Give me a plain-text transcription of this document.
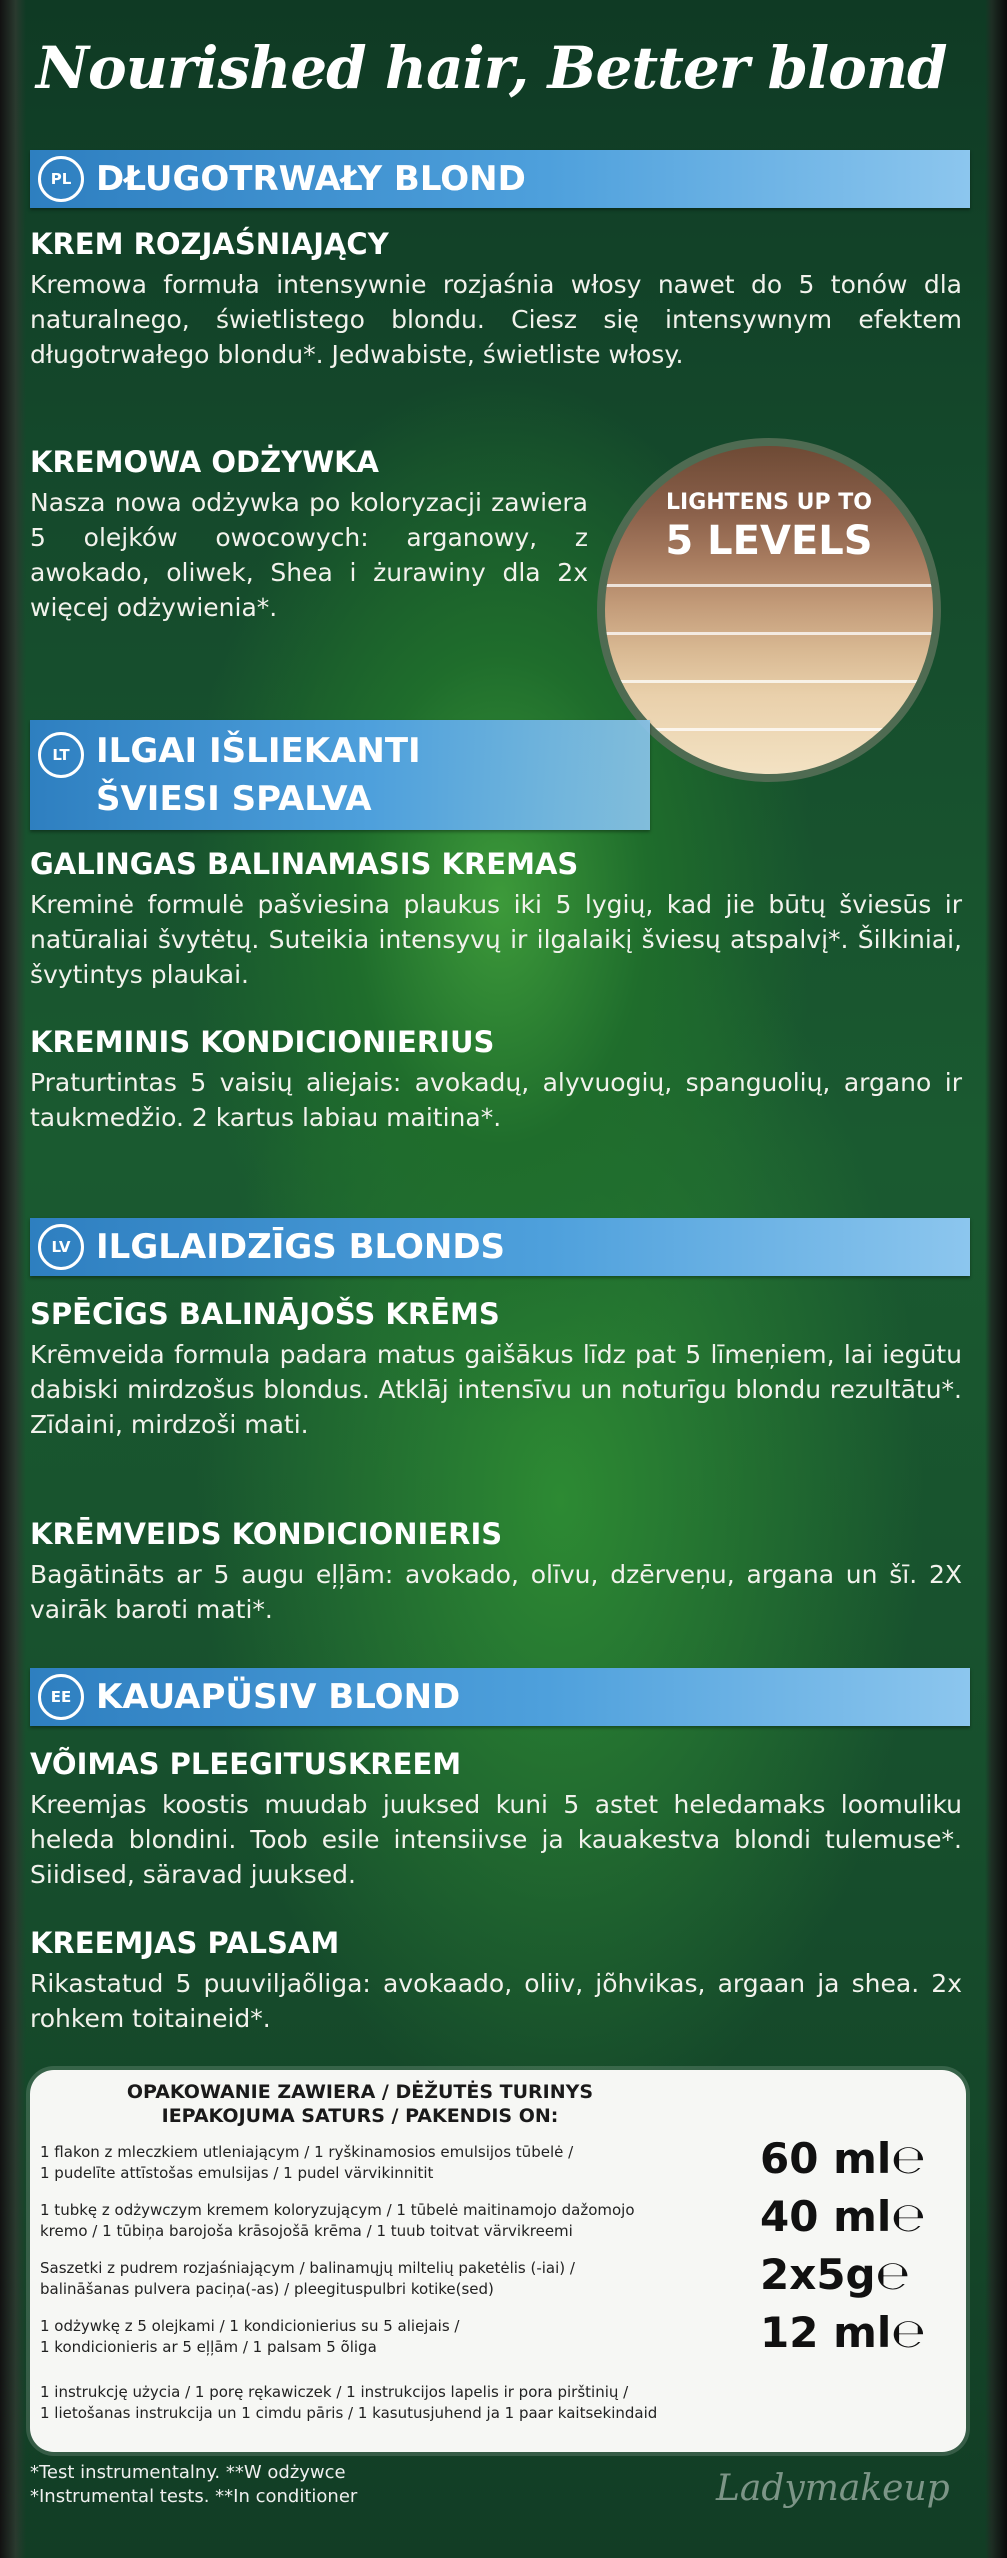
Nourished hair, Better blond
PL DŁUGOTRWAŁY BLOND
KREM ROZJAŚNIAJĄCY
Kremowa formuła intensywnie rozjaśnia włosy nawet do 5 tonów dla naturalnego, świetlistego blondu. Ciesz się intensywnym efektem długotrwałego blondu*. Jedwabiste, świetliste włosy.
KREMOWA ODŻYWKA
Nasza nowa odżywka po koloryzacji zawiera 5 olejków owocowych: arganowy, z awokado, oliwek, Shea i żurawiny dla 2x więcej odżywienia*.
LIGHTENS UP TO
5 LEVELS
LT ILGAI IŠLIEKANTI
ŠVIESI SPALVA
GALINGAS BALINAMASIS KREMAS
Kreminė formulė pašviesina plaukus iki 5 lygių, kad jie būtų šviesūs ir natūraliai švytėtų. Suteikia intensyvų ir ilgalaikį šviesų atspalvį*. Šilkiniai, švytintys plaukai.
KREMINIS KONDICIONIERIUS
Praturtintas 5 vaisių aliejais: avokadų, alyvuogių, spanguolių, argano ir taukmedžio. 2 kartus labiau maitina*.
LV ILGLAIDZĪGS BLONDS
SPĒCĪGS BALINĀJOŠS KRĒMS
Krēmveida formula padara matus gaišākus līdz pat 5 līmeņiem, lai iegūtu dabiski mirdzošus blondus. Atklāj intensīvu un noturīgu blondu rezultātu*. Zīdaini, mirdzoši mati.
KRĒMVEIDS KONDICIONIERIS
Bagātināts ar 5 augu eļļām: avokado, olīvu, dzērveņu, argana un šī. 2X vairāk baroti mati*.
EE KAUAPÜSIV BLOND
VÕIMAS PLEEGITUSKREEM
Kreemjas koostis muudab juuksed kuni 5 astet heledamaks loomuliku heleda blondini. Toob esile intensiivse ja kauakestva blondi tulemuse*. Siidised, säravad juuksed.
KREEMJAS PALSAM
Rikastatud 5 puuviljaõliga: avokaado, oliiv, jõhvikas, argaan ja shea. 2x rohkem toitaineid*.
OPAKOWANIE ZAWIERA / DĖŽUTĖS TURINYS
IEPAKOJUMA SATURS / PAKENDIS ON:
1 flakon z mleczkiem utleniającym / 1 ryškinamosios emulsijos tūbelė /
1 pudelīte attīstošas emulsijas / 1 pudel värvikinnitit	60 ml℮
1 tubkę z odżywczym kremem koloryzującym / 1 tūbelė maitinamojo dažomojo
kremo / 1 tūbiņa barojoša krāsojošā krēma / 1 tuub toitvat värvikreemi	40 ml℮
Saszetki z pudrem rozjaśniającym / balinamųjų miltelių paketėlis (-iai) /
balināšanas pulvera paciņa(-as) / pleegituspulbri kotike(sed)	2x5g℮
1 odżywkę z 5 olejkami / 1 kondicionierius su 5 aliejais /
1 kondicionieris ar 5 eļļām / 1 palsam 5 õliga	12 ml℮
1 instrukcję użycia / 1 porę rękawiczek / 1 instrukcijos lapelis ir pora pirštinių /
1 lietošanas instrukcija un 1 cimdu pāris / 1 kasutusjuhend ja 1 paar kaitsekindaid
*Test instrumentalny. **W odżywce
*Instrumental tests. **In conditioner	Ladymakeup
